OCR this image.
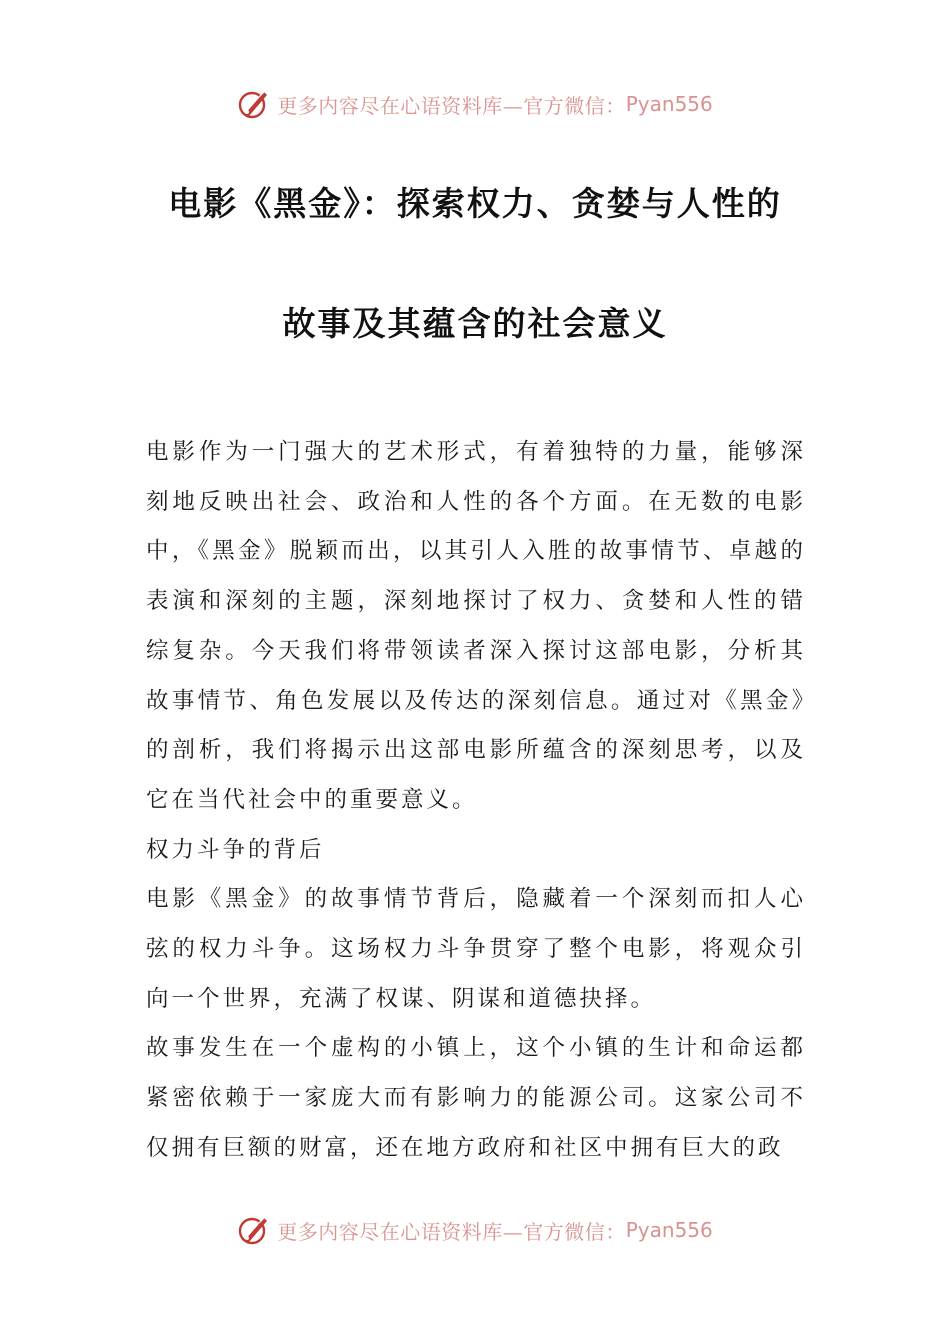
更多内容尽在心语资料库—官方微信： Pyan556
电影《黑金》：探索权力、贪婪与人性的
故事及其蕴含的社会意义

电影作为一门强大的艺术形式，有着独特的力量，能够深刻地反映出社会、政治和人性的各个方面。在无数的电影中，《黑金》脱颖而出，以其引人入胜的故事情节、卓越的表演和深刻的主题，深刻地探讨了权力、贪婪和人性的错综复杂。今天我们将带领读者深入探讨这部电影，分析其故事情节、角色发展以及传达的深刻信息。通过对《黑金》的剖析，我们将揭示出这部电影所蕴含的深刻思考，以及它在当代社会中的重要意义。

权力斗争的背后

电影《黑金》的故事情节背后，隐藏着一个深刻而扣人心弦的权力斗争。这场权力斗争贯穿了整个电影，将观众引向一个世界，充满了权谋、阴谋和道德抉择。

故事发生在一个虚构的小镇上，这个小镇的生计和命运都紧密依赖于一家庞大而有影响力的能源公司。这家公司不仅拥有巨额的财富，还在地方政府和社区中拥有巨大的政

更多内容尽在心语资料库—官方微信： Pyan556
